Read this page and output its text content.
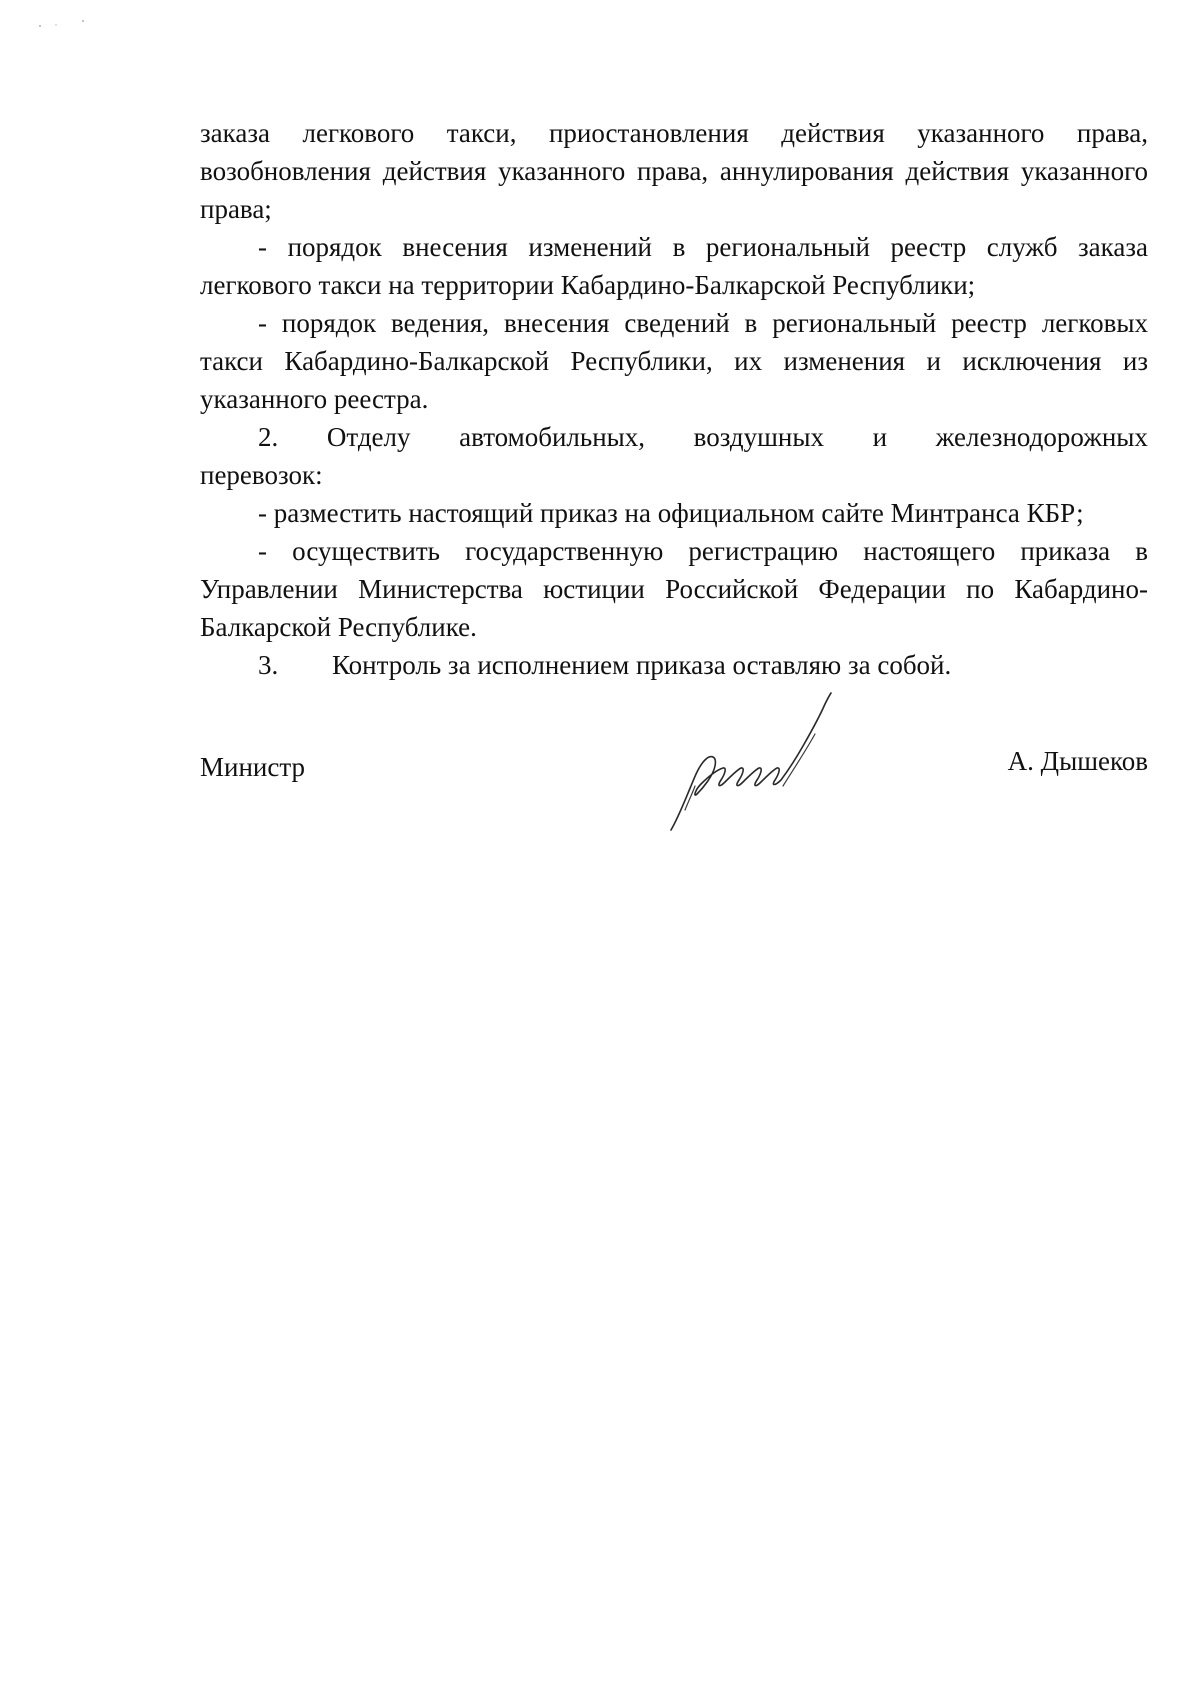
заказа легкового такси, приостановления действия указанного права, возобновления действия указанного права, аннулирования действия указанного права;

- порядок внесения изменений в региональный реестр служб заказа легкового такси на территории Кабардино-Балкарской Республики;

- порядок ведения, внесения сведений в региональный реестр легковых такси Кабардино-Балкарской Республики, их изменения и исключения из указанного реестра.

2. Отделу автомобильных, воздушных и железнодорожных
перевозок:

- разместить настоящий приказ на официальном сайте Минтранса КБР;

- осуществить государственную регистрацию настоящего приказа в Управлении Министерства юстиции Российской Федерации по Кабардино-Балкарской Республике.

3.	Контроль за исполнением приказа оставляю за собой.
Министр	А. Дышеков
